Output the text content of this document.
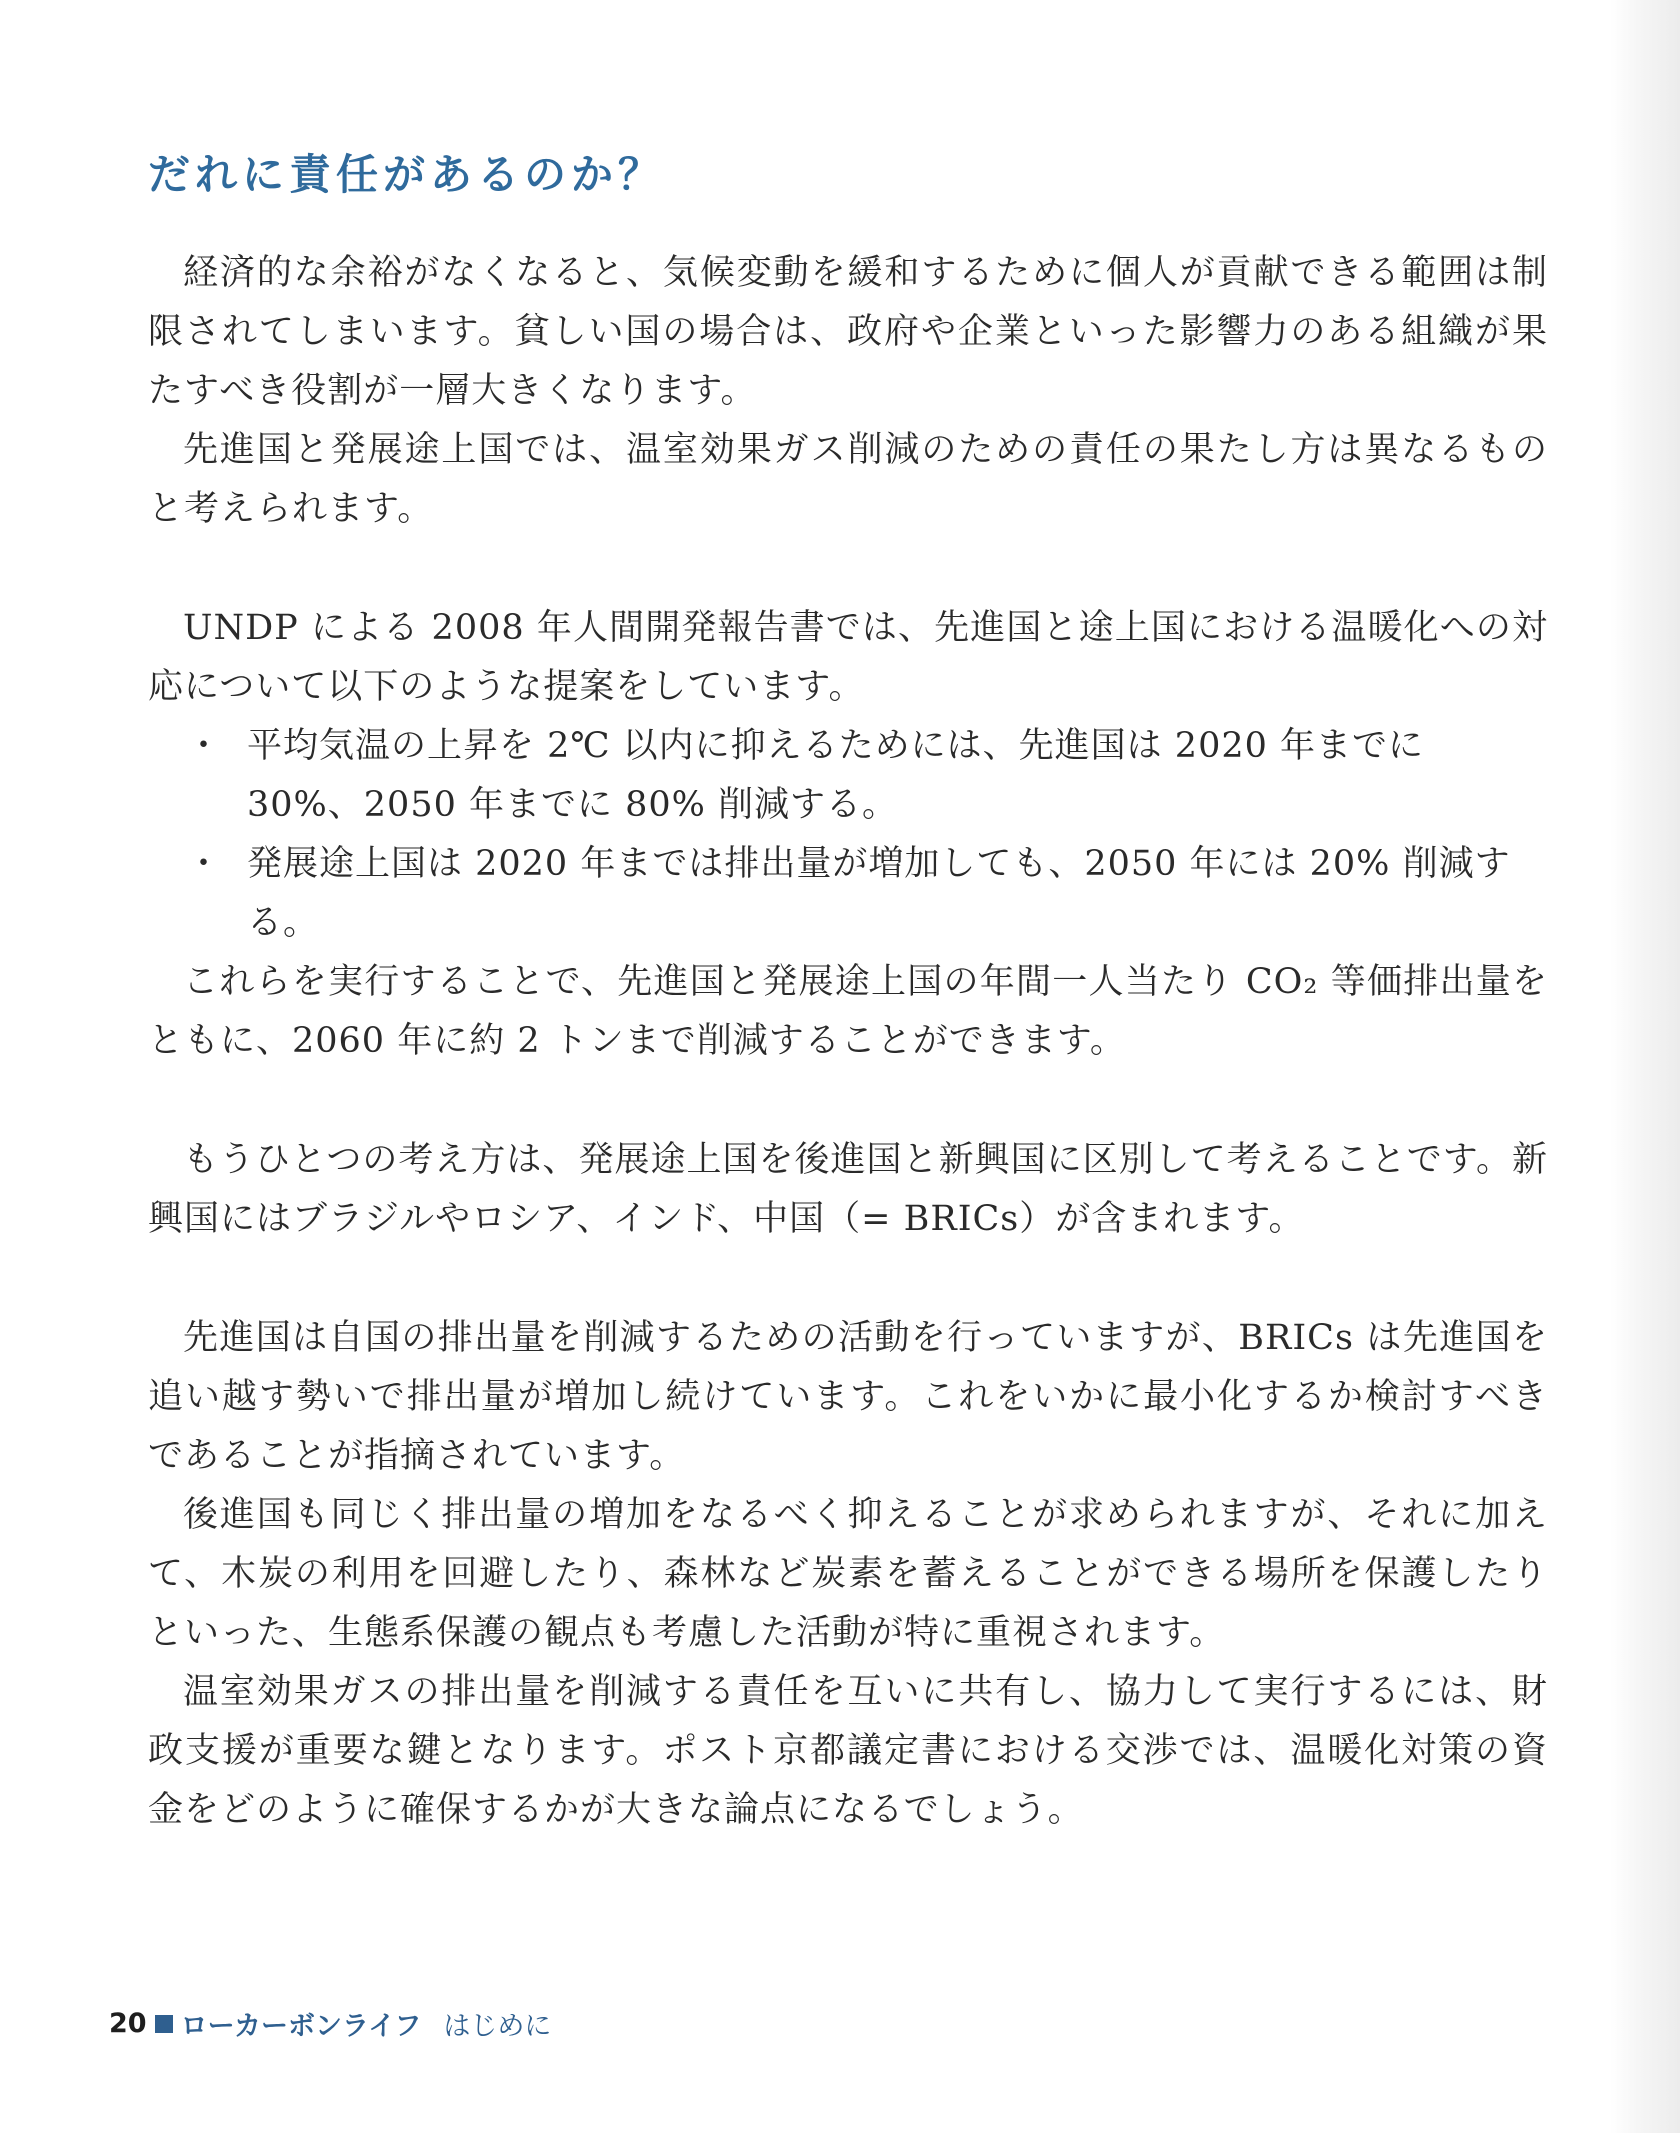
だれに責任があるのか？

経済的な余裕がなくなると、気候変動を緩和するために個人が貢献できる範囲は制限されてしまいます。貧しい国の場合は、政府や企業といった影響力のある組織が果たすべき役割が一層大きくなります。

先進国と発展途上国では、温室効果ガス削減のための責任の果たし方は異なるものと考えられます。

UNDP による 2008 年人間開発報告書では、先進国と途上国における温暖化への対応について以下のような提案をしています。

・ 平均気温の上昇を 2℃ 以内に抑えるためには、先進国は 2020 年までに 30%、2050 年までに 80% 削減する。
・ 発展途上国は 2020 年までは排出量が増加しても、2050 年には 20% 削減する。

これらを実行することで、先進国と発展途上国の年間一人当たり CO₂ 等価排出量をともに、2060 年に約 2 トンまで削減することができます。

もうひとつの考え方は、発展途上国を後進国と新興国に区別して考えることです。新興国にはブラジルやロシア、インド、中国（= BRICs）が含まれます。

先進国は自国の排出量を削減するための活動を行っていますが、BRICs は先進国を追い越す勢いで排出量が増加し続けています。これをいかに最小化するか検討すべきであることが指摘されています。

後進国も同じく排出量の増加をなるべく抑えることが求められますが、それに加えて、木炭の利用を回避したり、森林など炭素を蓄えることができる場所を保護したりといった、生態系保護の観点も考慮した活動が特に重視されます。

温室効果ガスの排出量を削減する責任を互いに共有し、協力して実行するには、財政支援が重要な鍵となります。ポスト京都議定書における交渉では、温暖化対策の資金をどのように確保するかが大きな論点になるでしょう。

20 ローカーボンライフ はじめに
